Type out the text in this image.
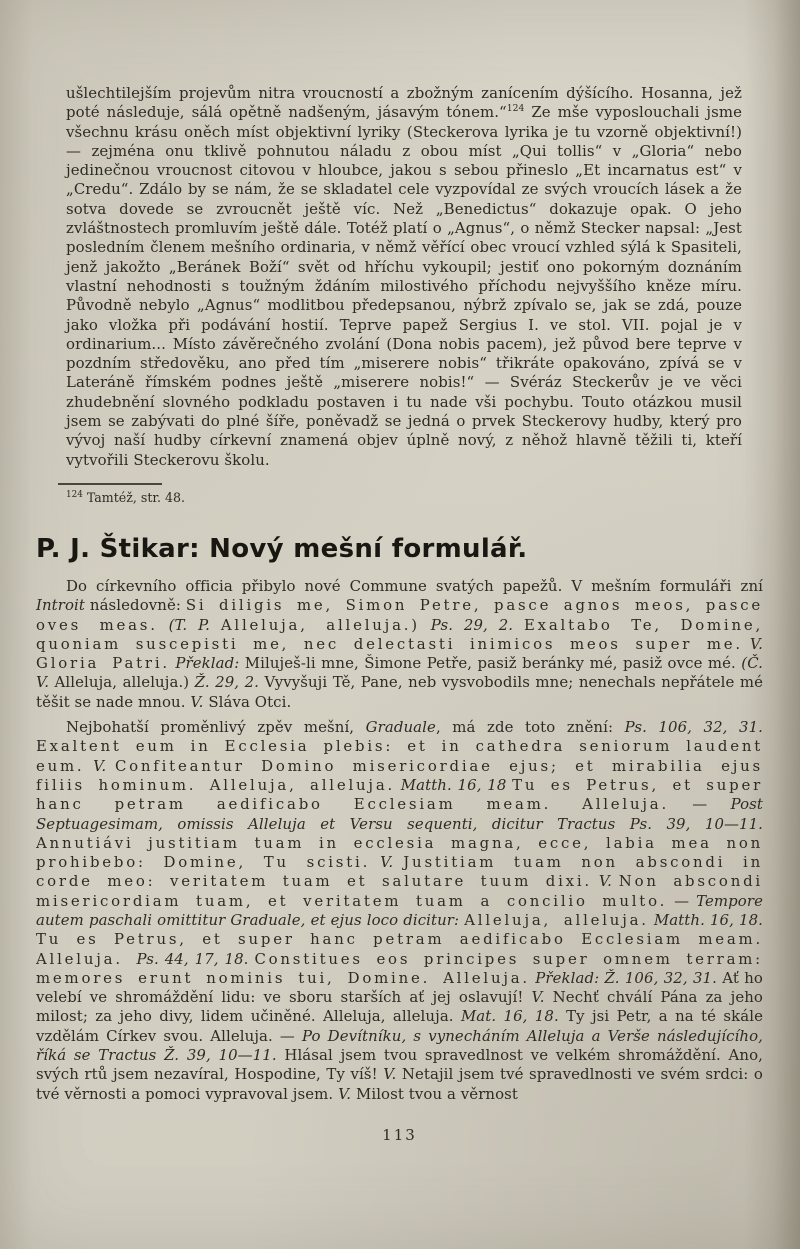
ušlechtilejším projevům nitra vroucností a zbožným zanícením dýšícího. Hosanna, jež poté následuje, sálá opětně nadšeným, jásavým tónem.“$^{124}$ Ze mše vyposlouchali jsme všechnu krásu oněch míst objektivní lyriky (Steckerova lyrika je tu vzorně objektivní!) — zejména onu tklivě pohnutou náladu z obou míst „Qui tollis“ v „Gloria“ nebo jedinečnou vroucnost citovou v hloubce, jakou s sebou přineslo „Et incarnatus est“ v „Credu“. Zdálo by se nám, že se skladatel cele vyzpovídal ze svých vroucích lásek a že sotva dovede se zvroucnět ještě víc. Než „Benedictus“ dokazuje opak. O jeho zvláštnostech promluvím ještě dále. Totéž platí o „Agnus“, o němž Stecker napsal: „Jest posledním členem mešního ordinaria, v němž věřící obec vroucí vzhled sýlá k Spasiteli, jenž jakožto „Beránek Boží“ svět od hříchu vykoupil; jestiť ono pokorným doznáním vlastní nehodnosti s toužným ždáním milostivého příchodu nejvyššího kněze míru. Původně nebylo „Agnus“ modlitbou předepsanou, nýbrž zpívalo se, jak se zdá, pouze jako vložka při podávání hostií. Teprve papež Sergius I. ve stol. VII. pojal je v ordinarium... Místo závěrečného zvolání (Dona nobis pacem), jež původ bere teprve v pozdním středověku, ano před tím „miserere nobis“ třikráte opakováno, zpívá se v Lateráně římském podnes ještě „miserere nobis!“ — Svéráz Steckerův je ve věci zhudebnění slovného podkladu postaven i tu nade vši pochybu. Touto otázkou musil jsem se zabývati do plné šíře, poněvadž se jedná o prvek Steckerovy hudby, který pro vývoj naší hudby církevní znamená objev úplně nový, z něhož hlavně těžili ti, kteří vytvořili Steckerovu školu.

$^{124}$ Tamtéž, str. 48.

P. J. Štikar: Nový mešní formulář.

Do církevního officia přibylo nové Commune svatých papežů. V mešním formuláři zní Introit následovně: Si diligis me, Simon Petre, pasce agnos meos, pasce oves meas. (T. P. Alleluja, alleluja.) Ps. 29, 2. Exaltabo Te, Domine, quoniam suscepisti me, nec delectasti inimicos meos super me. V. Gloria Patri. Překlad: Miluješ-li mne, Šimone Petře, pasiž beránky mé, pasiž ovce mé. (Č. V. Alleluja, alleluja.) Ž. 29, 2. Vyvyšuji Tě, Pane, neb vysvobodils mne; nenechals nepřátele mé těšit se nade mnou. V. Sláva Otci.

Nejbohatší proměnlivý zpěv mešní, Graduale, má zde toto znění: Ps. 106, 32, 31. Exaltent eum in Ecclesia plebis: et in cathedra seniorum laudent eum. V. Confiteantur Domino misericordiae ejus; et mirabilia ejus filiis hominum. Alleluja, alleluja. Matth. 16, 18 Tu es Petrus, et super hanc petram aedificabo Ecclesiam meam. Alleluja. — Post Septuagesimam, omissis Alleluja et Versu sequenti, dicitur Tractus Ps. 39, 10—11. Annutiávi justitiam tuam in ecclesia magna, ecce, labia mea non prohibebo: Domine, Tu scisti. V. Justitiam tuam non abscondi in corde meo: veritatem tuam et salutare tuum dixi. V. Non abscondi misericordiam tuam, et veritatem tuam a concilio multo. — Tempore autem paschali omittitur Graduale, et ejus loco dicitur: Alleluja, alleluja. Matth. 16, 18. Tu es Petrus, et super hanc petram aedificabo Ecclesiam meam. Alleluja. Ps. 44, 17, 18. Constitues eos principes super omnem terram: memores erunt nominis tui, Domine. Alleluja. Překlad: Ž. 106, 32, 31. Ať ho velebí ve shromáždění lidu: ve sboru starších ať jej oslavují! V. Nechť chválí Pána za jeho milost; za jeho divy, lidem učiněné. Alleluja, alleluja. Mat. 16, 18. Ty jsi Petr, a na té skále vzdělám Církev svou. Alleluja. — Po Devítníku, s vynecháním Alleluja a Verše následujícího, říká se Tractus Ž. 39, 10—11. Hlásal jsem tvou spravedlnost ve velkém shromáždění. Ano, svých rtů jsem nezavíral, Hospodine, Ty víš! V. Netajil jsem tvé spravedlnosti ve svém srdci: o tvé věrnosti a pomoci vypravoval jsem. V. Milost tvou a věrnost

113
